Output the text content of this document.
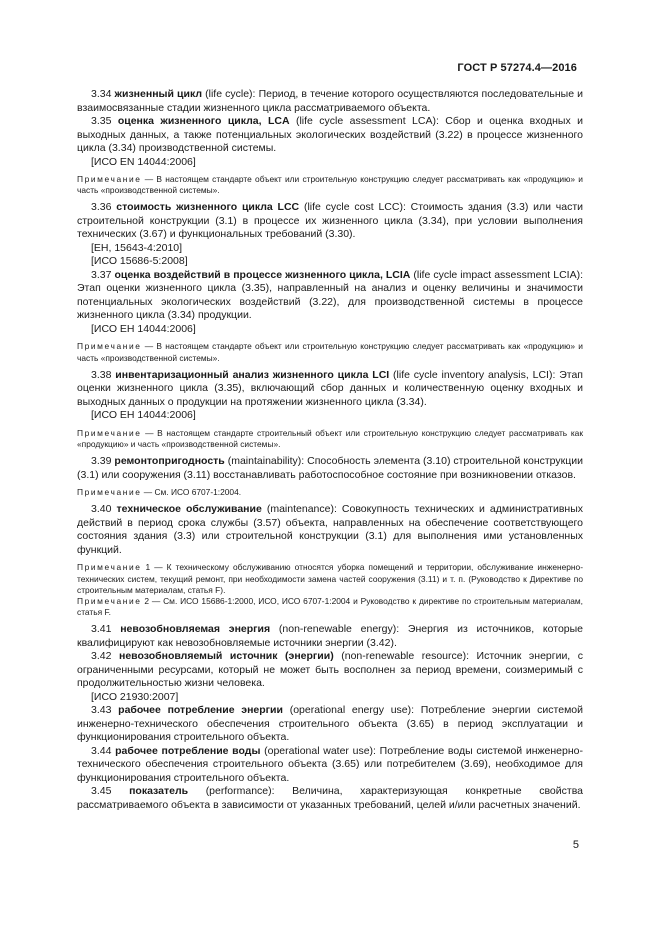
ГОСТ Р 57274.4—2016

3.34 жизненный цикл (life cycle): Период, в течение которого осуществляются последовательные и взаимосвязанные стадии жизненного цикла рассматриваемого объекта.

3.35 оценка жизненного цикла, LCA (life cycle assessment LCA): Сбор и оценка входных и выходных данных, а также потенциальных экологических воздействий (3.22) в процессе жизненного цикла (3.34) производственной системы.

[ИСО EN 14044:2006]

Примечание — В настоящем стандарте объект или строительную конструкцию следует рассматривать как «продукцию» и часть «производственной системы».

3.36 стоимость жизненного цикла LCC (life cycle cost LCC): Стоимость здания (3.3) или части строительной конструкции (3.1) в процессе их жизненного цикла (3.34), при условии выполнения технических (3.67) и функциональных требований (3.30).

[EH, 15643-4:2010]

[ИСО 15686-5:2008]

3.37 оценка воздействий в процессе жизненного цикла, LCIA (life cycle impact assessment LCIA): Этап оценки жизненного цикла (3.35), направленный на анализ и оценку величины и значимости потенциальных экологических воздействий (3.22), для производственной системы в процессе жизненного цикла (3.34) продукции.

[ИСО ЕН 14044:2006]

Примечание — В настоящем стандарте объект или строительную конструкцию следует рассматривать как «продукцию» и часть «производственной системы».

3.38 инвентаризационный анализ жизненного цикла LCI (life cycle inventory analysis, LCI): Этап оценки жизненного цикла (3.35), включающий сбор данных и количественную оценку входных и выходных данных о продукции на протяжении жизненного цикла (3.34).

[ИСО ЕН 14044:2006]

Примечание — В настоящем стандарте строительный объект или строительную конструкцию следует рассматривать как «продукцию» и часть «производственной системы».

3.39 ремонтопригодность (maintainability): Способность элемента (3.10) строительной конструкции (3.1) или сооружения (3.11) восстанавливать работоспособное состояние при возникновении отказов.

Примечание — См. ИСО 6707-1:2004.

3.40 техническое обслуживание (maintenance): Совокупность технических и административных действий в период срока службы (3.57) объекта, направленных на обеспечение соответствующего состояния здания (3.3) или строительной конструкции (3.1) для выполнения ими установленных функций.

Примечание 1 — К техническому обслуживанию относятся уборка помещений и территории, обслуживание инженерно-технических систем, текущий ремонт, при необходимости замена частей сооружения (3.11) и т. п. (Руководство к Директиве по строительным материалам, статья F).

Примечание 2 — См. ИСО 15686-1:2000, ИСО, ИСО 6707-1:2004 и Руководство к директиве по строительным материалам, статья F.

3.41 невозобновляемая энергия (non-renewable energy): Энергия из источников, которые квалифицируют как невозобновляемые источники энергии (3.42).

3.42 невозобновляемый источник (энергии) (non-renewable resource): Источник энергии, с ограниченными ресурсами, который не может быть восполнен за период времени, соизмеримый с продолжительностью жизни человека.

[ИСО 21930:2007]

3.43 рабочее потребление энергии (operational energy use): Потребление энергии системой инженерно-технического обеспечения строительного объекта (3.65) в период эксплуатации и функционирования строительного объекта.

3.44 рабочее потребление воды (operational water use): Потребление воды системой инженерно-технического обеспечения строительного объекта (3.65) или потребителем (3.69), необходимое для функционирования строительного объекта.

3.45 показатель (performance): Величина, характеризующая конкретные свойства рассматриваемого объекта в зависимости от указанных требований, целей и/или расчетных значений.

5
